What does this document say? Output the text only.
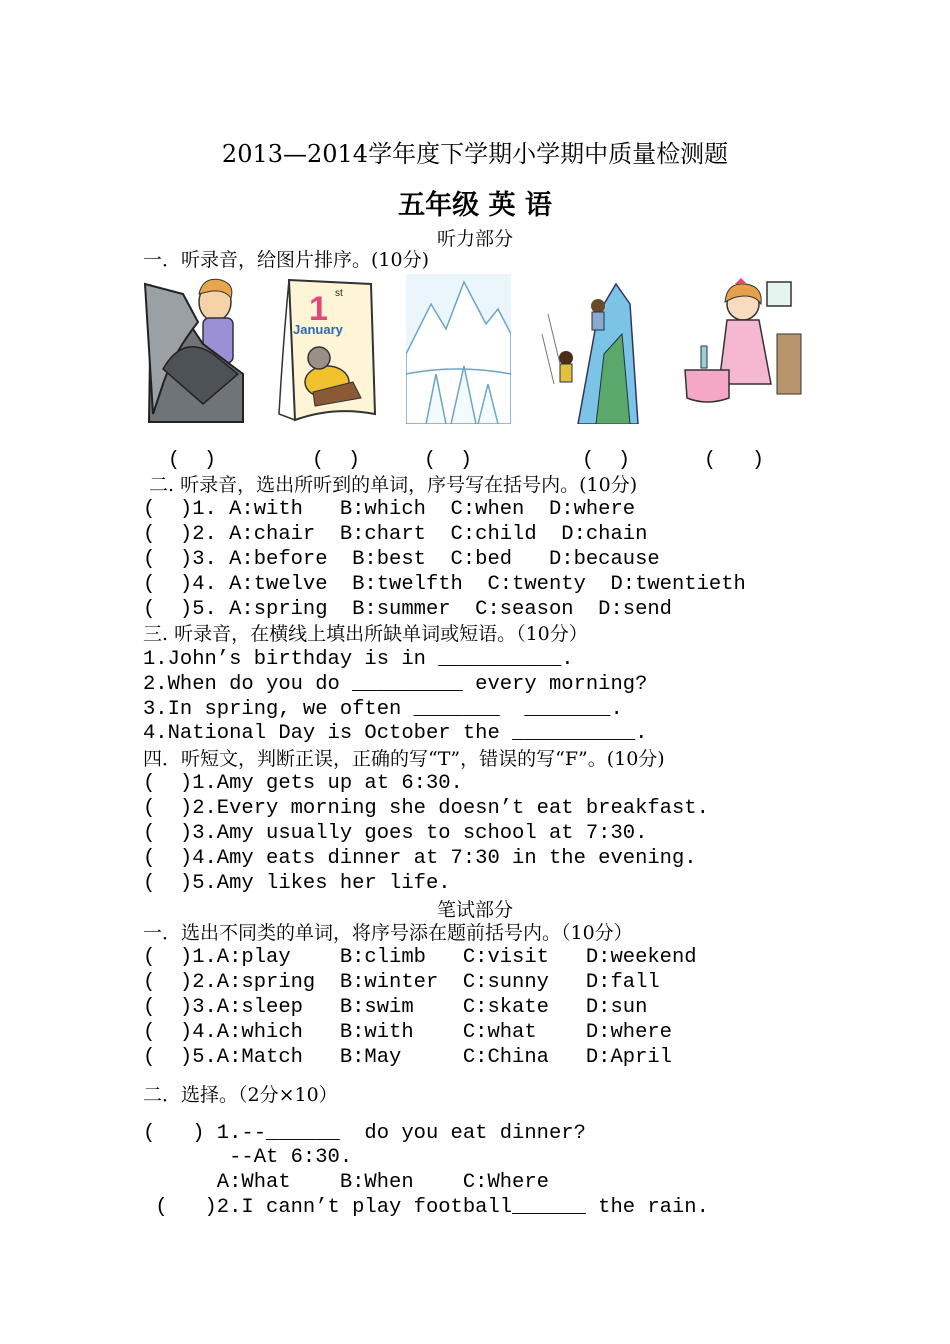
2013—2014学年度下学期小学期中质量检测题
五年级 英 语
听力部分
一．听录音，给图片排序。(10分)
1 st
January
(  )	(  )	(  )	(  )	(   )
二. 听录音，选出所听到的单词，序号写在括号内。(10分)
(  )1. A:with   B:which  C:when  D:where
(  )2. A:chair  B:chart  C:child  D:chain
(  )3. A:before  B:best  C:bed   D:because
(  )4. A:twelve  B:twelfth  C:twenty  D:twentieth
(  )5. A:spring  B:summer  C:season  D:send
三. 听录音，在横线上填出所缺单词或短语。（10分）
1.John’s birthday is in __________.
2.When do you do _________ every morning?
3.In spring, we often _______  _______.
4.National Day is October the __________.
四．听短文，判断正误，正确的写“T”，错误的写“F”。(10分)
(  )1.Amy gets up at 6:30.
(  )2.Every morning she doesn’t eat breakfast.
(  )3.Amy usually goes to school at 7:30.
(  )4.Amy eats dinner at 7:30 in the evening.
(  )5.Amy likes her life.
笔试部分
一．选出不同类的单词，将序号添在题前括号内。（10分）
(  )1.A:play    B:climb   C:visit   D:weekend
(  )2.A:spring  B:winter  C:sunny   D:fall
(  )3.A:sleep   B:swim    C:skate   D:sun
(  )4.A:which   B:with    C:what    D:where
(  )5.A:Match   B:May     C:China   D:April
二．选择。（2分×10）
(   ) 1.--______  do you eat dinner?
--At 6:30.
A:What    B:When    C:Where
(   )2.I cann’t play football______ the rain.
